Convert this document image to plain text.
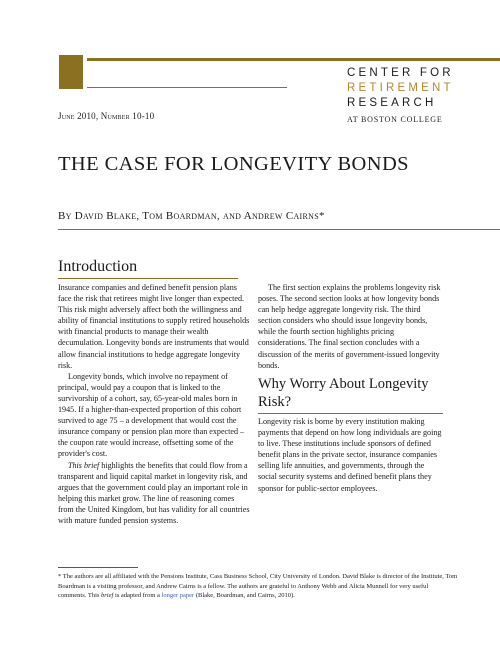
June 2010, Number 10-10
CENTER FOR
RETIREMENT
RESEARCH
AT BOSTON COLLEGE
THE CASE FOR LONGEVITY BONDS
By David Blake, Tom Boardman, and Andrew Cairns*
Introduction

Insurance companies and defined benefit pension plans face the risk that retirees might live longer than expected. This risk might adversely affect both the willingness and ability of financial institutions to supply retired households with financial products to manage their wealth decumulation. Longevity bonds are instruments that would allow financial institutions to hedge aggregate longevity risk.

Longevity bonds, which involve no repayment of principal, would pay a coupon that is linked to the survivorship of a cohort, say, 65-year-old males born in 1945. If a higher-than-expected proportion of this cohort survived to age 75 – a development that would cost the insurance company or pension plan more than expected – the coupon rate would increase, offsetting some of the provider's cost.

This brief highlights the benefits that could flow from a transparent and liquid capital market in longevity risk, and argues that the government could play an important role in helping this market grow. The line of reasoning comes from the United Kingdom, but has validity for all countries with mature funded pension systems.

The first section explains the problems longevity risk poses. The second section looks at how longevity bonds can help hedge aggregate longevity risk. The third section considers who should issue longevity bonds, while the fourth section highlights pricing considerations. The final section concludes with a discussion of the merits of government-issued longevity bonds.

Why Worry About Longevity Risk?

Longevity risk is borne by every institution making payments that depend on how long individuals are going to live. These institutions include sponsors of defined benefit plans in the private sector, insurance companies selling life annuities, and governments, through the social security systems and defined benefit plans they sponsor for public-sector employees.

* The authors are all affiliated with the Pensions Institute, Cass Business School, City University of London. David Blake is director of the Institute, Tom Boardman is a visiting professor, and Andrew Cairns is a fellow. The authors are grateful to Anthony Webb and Alicia Munnell for very useful comments. This brief is adapted from a longer paper (Blake, Boardman, and Cairns, 2010).
